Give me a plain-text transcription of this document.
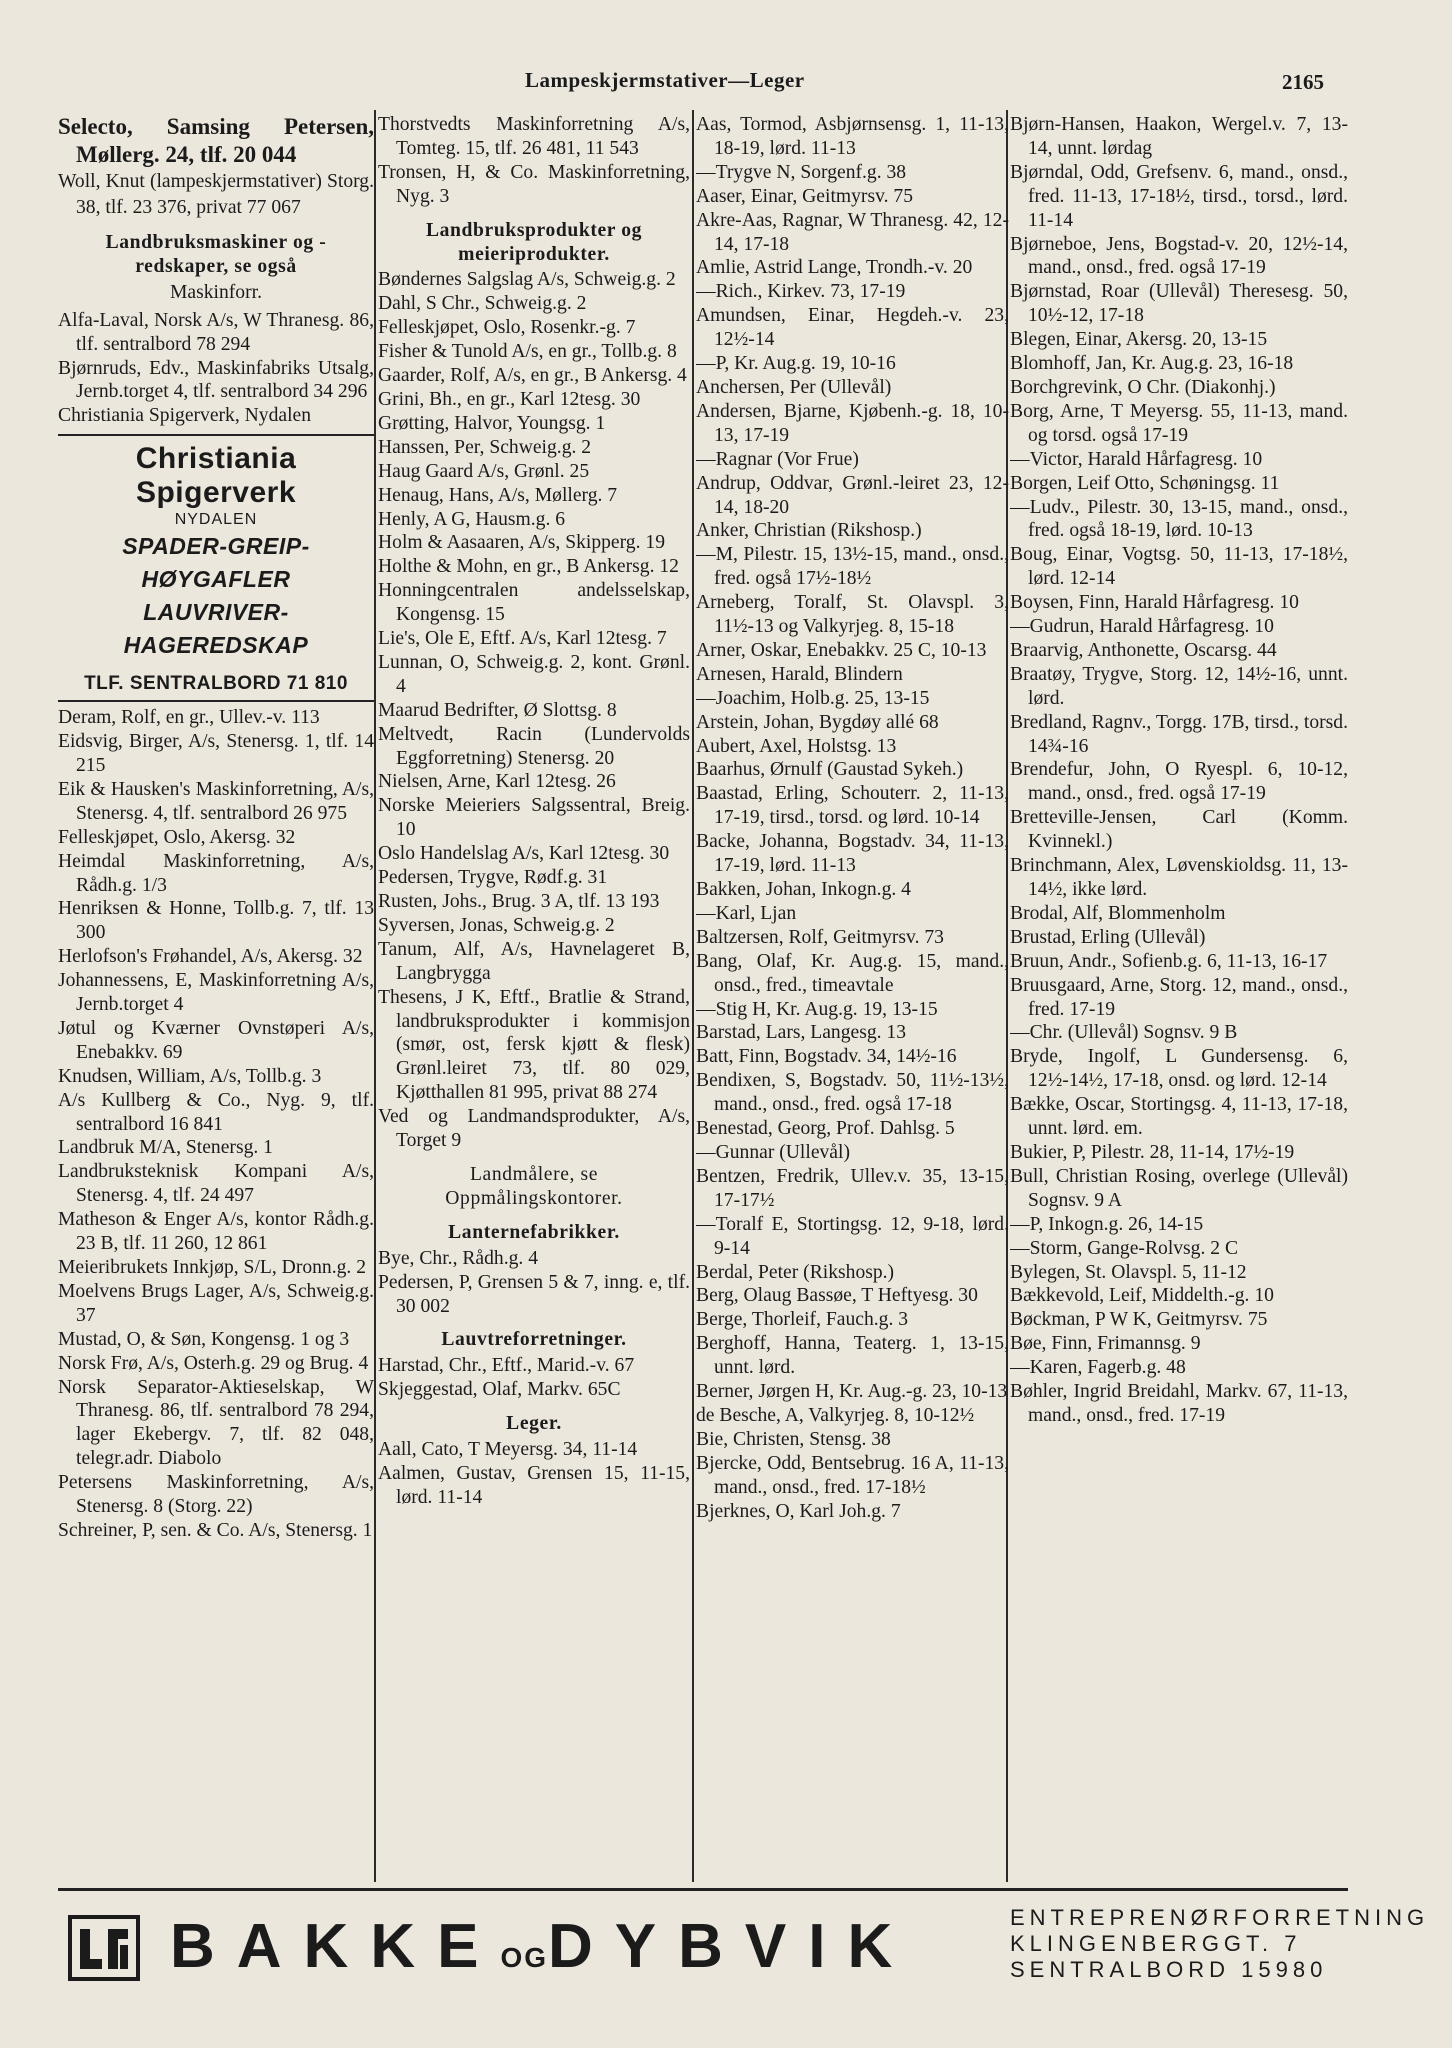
Lampeskjermstativer—Leger	2165

Selecto, Samsing Petersen, Møllerg. 24, tlf. 20 044

Woll, Knut (lampeskjermstativer) Storg. 38, tlf. 23 376, privat 77 067

Landbruksmaskiner og -redskaper, se også
Maskinforr.

Alfa-Laval, Norsk A/s, W Thranesg. 86, tlf. sentralbord 78 294

Bjørnruds, Edv., Maskinfabriks Utsalg, Jernb.torget 4, tlf. sentralbord 34 296

Christiania Spigerverk, Nydalen

Christiania Spigerverk
NYDALEN
SPADER-GREIP-HØYGAFLER
LAUVRIVER-HAGEREDSKAP
TLF. SENTRALBORD 71 810

Deram, Rolf, en gr., Ullev.-v. 113

Eidsvig, Birger, A/s, Stenersg. 1, tlf. 14 215

Eik & Hausken's Maskinforretning, A/s, Stenersg. 4, tlf. sentralbord 26 975

Felleskjøpet, Oslo, Akersg. 32

Heimdal Maskinforretning, A/s, Rådh.g. 1/3

Henriksen & Honne, Tollb.g. 7, tlf. 13 300

Herlofson's Frøhandel, A/s, Akersg. 32

Johannessens, E, Maskinforretning A/s, Jernb.torget 4

Jøtul og Kværner Ovnstøperi A/s, Enebakkv. 69

Knudsen, William, A/s, Tollb.g. 3

A/s Kullberg & Co., Nyg. 9, tlf. sentralbord 16 841

Landbruk M/A, Stenersg. 1

Landbruksteknisk Kompani A/s, Stenersg. 4, tlf. 24 497

Matheson & Enger A/s, kontor Rådh.g. 23 B, tlf. 11 260, 12 861

Meieribrukets Innkjøp, S/L, Dronn.g. 2

Moelvens Brugs Lager, A/s, Schweig.g. 37

Mustad, O, & Søn, Kongensg. 1 og 3

Norsk Frø, A/s, Osterh.g. 29 og Brug. 4

Norsk Separator-Aktieselskap, W Thranesg. 86, tlf. sentralbord 78 294, lager Ekebergv. 7, tlf. 82 048, telegr.adr. Diabolo

Petersens Maskinforretning, A/s, Stenersg. 8 (Storg. 22)

Schreiner, P, sen. & Co. A/s, Stenersg. 1

Thorstvedts Maskinforretning A/s, Tomteg. 15, tlf. 26 481, 11 543

Tronsen, H, & Co. Maskinforretning, Nyg. 3

Landbruksprodukter og meieriprodukter.

Bøndernes Salgslag A/s, Schweig.g. 2

Dahl, S Chr., Schweig.g. 2

Felleskjøpet, Oslo, Rosenkr.-g. 7

Fisher & Tunold A/s, en gr., Tollb.g. 8

Gaarder, Rolf, A/s, en gr., B Ankersg. 4

Grini, Bh., en gr., Karl 12tesg. 30

Grøtting, Halvor, Youngsg. 1

Hanssen, Per, Schweig.g. 2

Haug Gaard A/s, Grønl. 25

Henaug, Hans, A/s, Møllerg. 7

Henly, A G, Hausm.g. 6

Holm & Aasaaren, A/s, Skipperg. 19

Holthe & Mohn, en gr., B Ankersg. 12

Honningcentralen andelsselskap, Kongensg. 15

Lie's, Ole E, Eftf. A/s, Karl 12tesg. 7

Lunnan, O, Schweig.g. 2, kont. Grønl. 4

Maarud Bedrifter, Ø Slottsg. 8

Meltvedt, Racin (Lundervolds Eggforretning) Stenersg. 20

Nielsen, Arne, Karl 12tesg. 26

Norske Meieriers Salgssentral, Breig. 10

Oslo Handelslag A/s, Karl 12tesg. 30

Pedersen, Trygve, Rødf.g. 31

Rusten, Johs., Brug. 3 A, tlf. 13 193

Syversen, Jonas, Schweig.g. 2

Tanum, Alf, A/s, Havnelageret B, Langbrygga

Thesens, J K, Eftf., Bratlie & Strand, landbruksprodukter i kommisjon (smør, ost, fersk kjøtt & flesk) Grønl.leiret 73, tlf. 80 029, Kjøtthallen 81 995, privat 88 274

Ved og Landmandsprodukter, A/s, Torget 9

Landmålere, se Oppmålingskontorer.
Lanternefabrikker.

Bye, Chr., Rådh.g. 4

Pedersen, P, Grensen 5 & 7, inng. e, tlf. 30 002

Lauvtreforretninger.

Harstad, Chr., Eftf., Marid.-v. 67

Skjeggestad, Olaf, Markv. 65C

Leger.

Aall, Cato, T Meyersg. 34, 11-14

Aalmen, Gustav, Grensen 15, 11-15, lørd. 11-14

Aas, Tormod, Asbjørnsensg. 1, 11-13, 18-19, lørd. 11-13

—Trygve N, Sorgenf.g. 38

Aaser, Einar, Geitmyrsv. 75

Akre-Aas, Ragnar, W Thranesg. 42, 12-14, 17-18

Amlie, Astrid Lange, Trondh.-v. 20

—Rich., Kirkev. 73, 17-19

Amundsen, Einar, Hegdeh.-v. 23, 12½-14

—P, Kr. Aug.g. 19, 10-16

Anchersen, Per (Ullevål)

Andersen, Bjarne, Kjøbenh.-g. 18, 10-13, 17-19

—Ragnar (Vor Frue)

Andrup, Oddvar, Grønl.-leiret 23, 12-14, 18-20

Anker, Christian (Rikshosp.)

—M, Pilestr. 15, 13½-15, mand., onsd., fred. også 17½-18½

Arneberg, Toralf, St. Olavspl. 3, 11½-13 og Valkyrjeg. 8, 15-18

Arner, Oskar, Enebakkv. 25 C, 10-13

Arnesen, Harald, Blindern

—Joachim, Holb.g. 25, 13-15

Arstein, Johan, Bygdøy allé 68

Aubert, Axel, Holstsg. 13

Baarhus, Ørnulf (Gaustad Sykeh.)

Baastad, Erling, Schouterr. 2, 11-13, 17-19, tirsd., torsd. og lørd. 10-14

Backe, Johanna, Bogstadv. 34, 11-13, 17-19, lørd. 11-13

Bakken, Johan, Inkogn.g. 4

—Karl, Ljan

Baltzersen, Rolf, Geitmyrsv. 73

Bang, Olaf, Kr. Aug.g. 15, mand., onsd., fred., timeavtale

—Stig H, Kr. Aug.g. 19, 13-15

Barstad, Lars, Langesg. 13

Batt, Finn, Bogstadv. 34, 14½-16

Bendixen, S, Bogstadv. 50, 11½-13½, mand., onsd., fred. også 17-18

Benestad, Georg, Prof. Dahlsg. 5

—Gunnar (Ullevål)

Bentzen, Fredrik, Ullev.v. 35, 13-15, 17-17½

—Toralf E, Stortingsg. 12, 9-18, lørd. 9-14

Berdal, Peter (Rikshosp.)

Berg, Olaug Bassøe, T Heftyesg. 30

Berge, Thorleif, Fauch.g. 3

Berghoff, Hanna, Teaterg. 1, 13-15, unnt. lørd.

Berner, Jørgen H, Kr. Aug.-g. 23, 10-13

de Besche, A, Valkyrjeg. 8, 10-12½

Bie, Christen, Stensg. 38

Bjercke, Odd, Bentsebrug. 16 A, 11-13, mand., onsd., fred. 17-18½

Bjerknes, O, Karl Joh.g. 7

Bjørn-Hansen, Haakon, Wergel.v. 7, 13-14, unnt. lørdag

Bjørndal, Odd, Grefsenv. 6, mand., onsd., fred. 11-13, 17-18½, tirsd., torsd., lørd. 11-14

Bjørneboe, Jens, Bogstad-v. 20, 12½-14, mand., onsd., fred. også 17-19

Bjørnstad, Roar (Ullevål) Theresesg. 50, 10½-12, 17-18

Blegen, Einar, Akersg. 20, 13-15

Blomhoff, Jan, Kr. Aug.g. 23, 16-18

Borchgrevink, O Chr. (Diakonhj.)

Borg, Arne, T Meyersg. 55, 11-13, mand. og torsd. også 17-19

—Victor, Harald Hårfagresg. 10

Borgen, Leif Otto, Schøningsg. 11

—Ludv., Pilestr. 30, 13-15, mand., onsd., fred. også 18-19, lørd. 10-13

Boug, Einar, Vogtsg. 50, 11-13, 17-18½, lørd. 12-14

Boysen, Finn, Harald Hårfagresg. 10

—Gudrun, Harald Hårfagresg. 10

Braarvig, Anthonette, Oscarsg. 44

Braatøy, Trygve, Storg. 12, 14½-16, unnt. lørd.

Bredland, Ragnv., Torgg. 17B, tirsd., torsd. 14¾-16

Brendefur, John, O Ryespl. 6, 10-12, mand., onsd., fred. også 17-19

Bretteville-Jensen, Carl (Komm. Kvinnekl.)

Brinchmann, Alex, Løvenskioldsg. 11, 13-14½, ikke lørd.

Brodal, Alf, Blommenholm

Brustad, Erling (Ullevål)

Bruun, Andr., Sofienb.g. 6, 11-13, 16-17

Bruusgaard, Arne, Storg. 12, mand., onsd., fred. 17-19

—Chr. (Ullevål) Sognsv. 9 B

Bryde, Ingolf, L Gundersensg. 6, 12½-14½, 17-18, onsd. og lørd. 12-14

Bække, Oscar, Stortingsg. 4, 11-13, 17-18, unnt. lørd. em.

Bukier, P, Pilestr. 28, 11-14, 17½-19

Bull, Christian Rosing, overlege (Ullevål) Sognsv. 9 A

—P, Inkogn.g. 26, 14-15

—Storm, Gange-Rolvsg. 2 C

Bylegen, St. Olavspl. 5, 11-12

Bækkevold, Leif, Middelth.-g. 10

Bøckman, P W K, Geitmyrsv. 75

Bøe, Finn, Frimannsg. 9

—Karen, Fagerb.g. 48

Bøhler, Ingrid Breidahl, Markv. 67, 11-13, mand., onsd., fred. 17-19

BAKKEOGDYBVIK	ENTREPRENØRFORRETNING
KLINGENBERGGT. 7
SENTRALBORD 15980
